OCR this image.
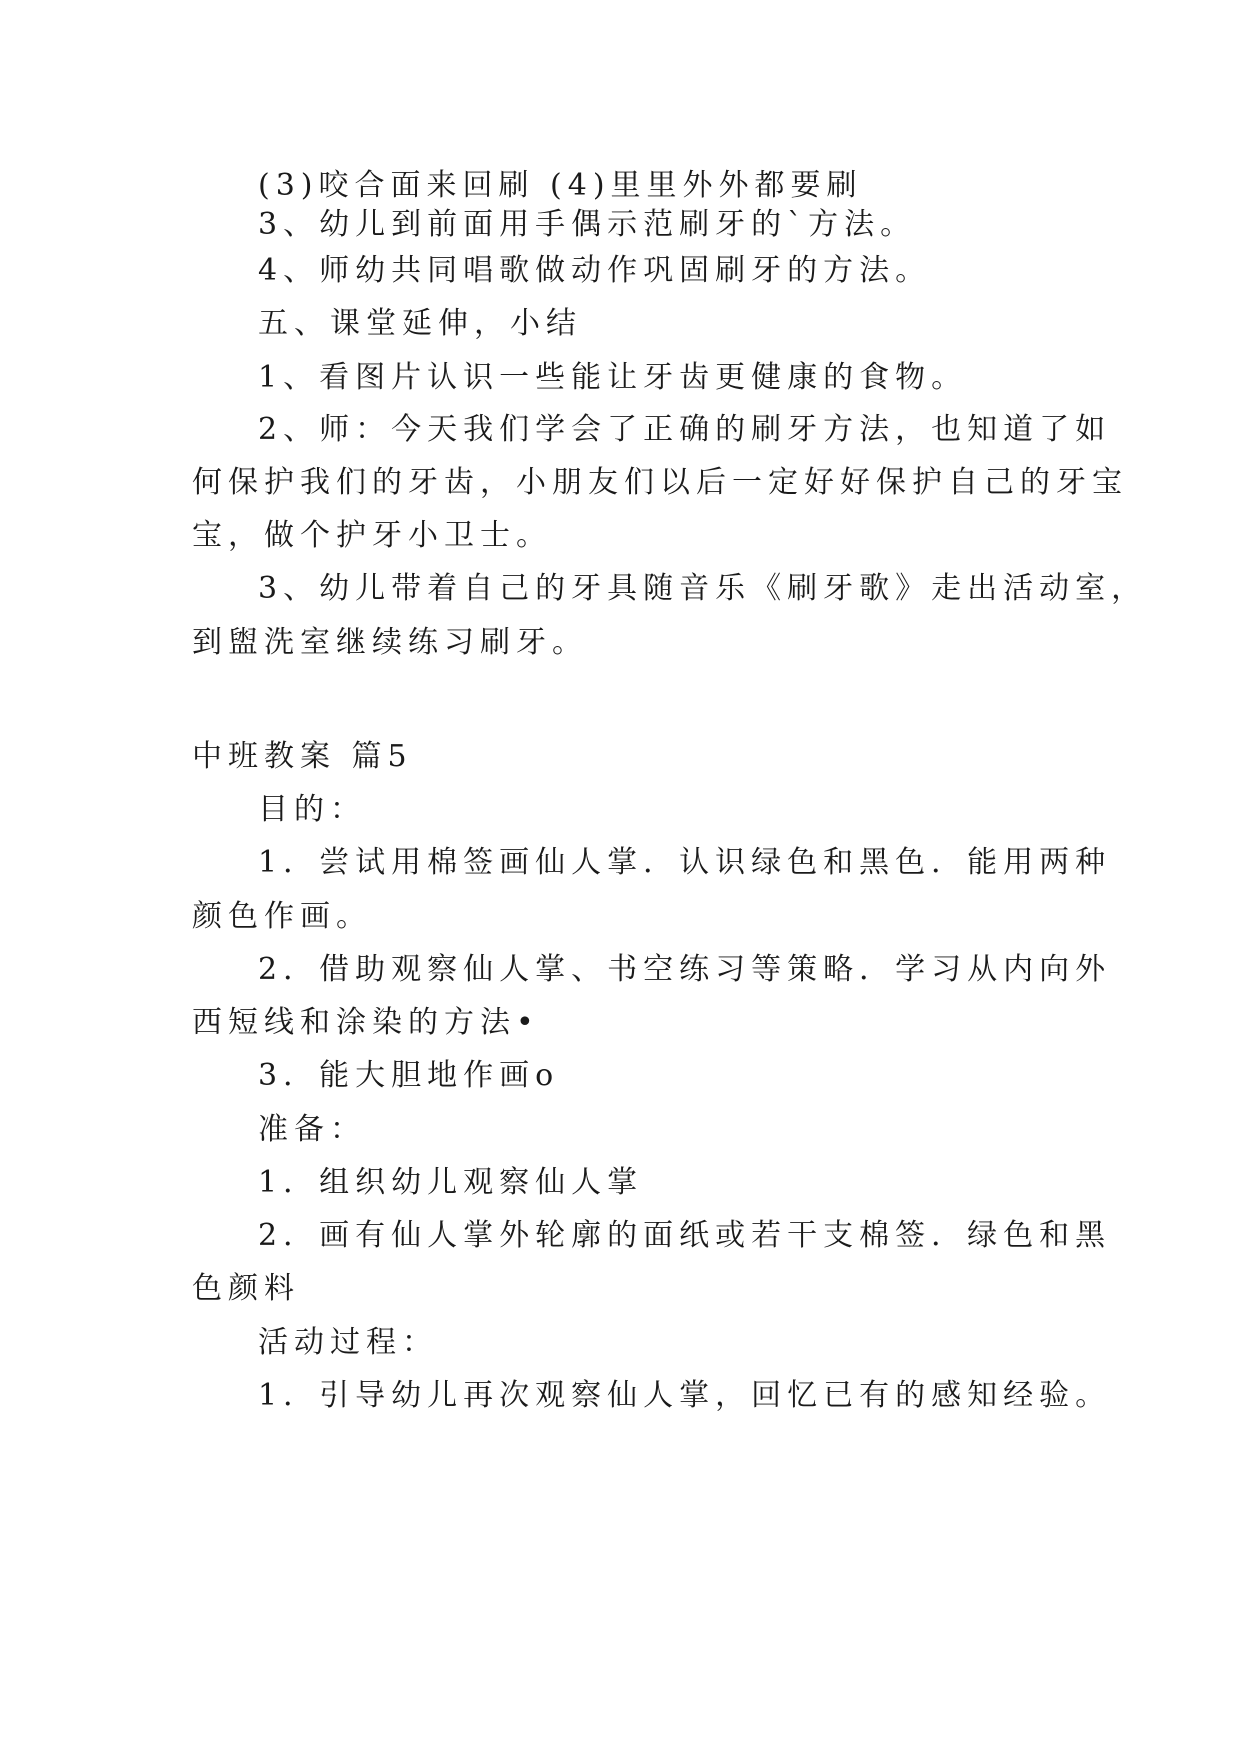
(3)咬合面来回刷 (4)里里外外都要刷
3、幼儿到前面用手偶示范刷牙的`方法。
4、师幼共同唱歌做动作巩固刷牙的方法。
五、课堂延伸，小结
1、看图片认识一些能让牙齿更健康的食物。
2、师：今天我们学会了正确的刷牙方法，也知道了如
何保护我们的牙齿，小朋友们以后一定好好保护自己的牙宝
宝，做个护牙小卫士。
3、幼儿带着自己的牙具随音乐《刷牙歌》走出活动室，
到盥洗室继续练习刷牙。
中班教案 篇5
目的：
1．尝试用棉签画仙人掌．认识绿色和黑色．能用两种
颜色作画。
2．借助观察仙人掌、书空练习等策略．学习从内向外
西短线和涂染的方法•
3．能大胆地作画o
准备：
1．组织幼儿观察仙人掌
2．画有仙人掌外轮廓的面纸或若干支棉签．绿色和黑
色颜料
活动过程：
1．引导幼儿再次观察仙人掌，回忆已有的感知经验。
